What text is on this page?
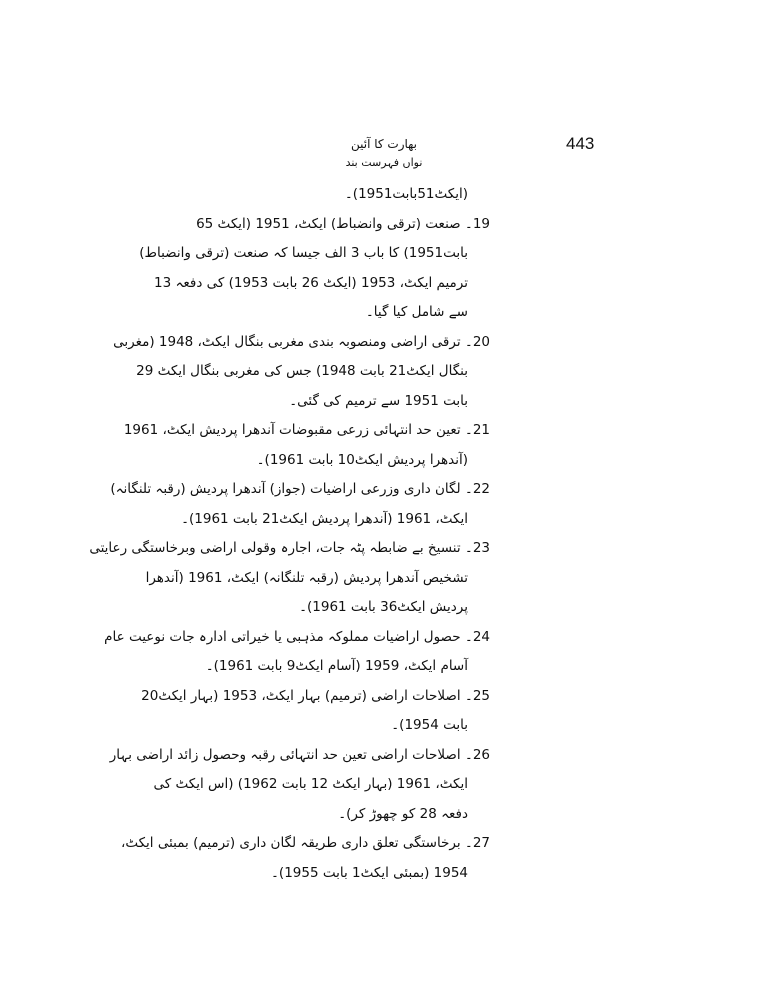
443
بھارت کا آئین
نواں فہرست بند
(ایکٹ51بابت1951)۔
19۔ صنعت (ترقی وانضباط) ایکٹ، 1951 (ایکٹ 65
بابت1951) کا باب 3 الف جیسا کہ صنعت (ترقی وانضباط)
ترمیم ایکٹ، 1953 (ایکٹ 26 بابت 1953) کی دفعہ 13
سے شامل کیا گیا۔
20۔ ترقی اراضی ومنصوبہ بندی مغربی بنگال ایکٹ، 1948 (مغربی
بنگال ایکٹ21 بابت 1948) جس کی مغربی بنگال ایکٹ 29
بابت 1951 سے ترمیم کی گئی۔
21۔ تعین حد انتہائی زرعی مقبوضات آندھرا پردیش ایکٹ، 1961
(آندھرا پردیش ایکٹ10 بابت 1961)۔
22۔ لگان داری وزرعی اراضیات (جواز) آندھرا پردیش (رقبہ تلنگانہ)
ایکٹ، 1961 (آندھرا پردیش ایکٹ21 بابت 1961)۔
23۔ تنسیخ بے ضابطہ پٹہ جات، اجارہ وقولی اراضی وبرخاستگی رعایتی
تشخیص آندھرا پردیش (رقبہ تلنگانہ) ایکٹ، 1961 (آندھرا
پردیش ایکٹ36 بابت 1961)۔
24۔ حصول اراضیات مملوکہ مذہبی یا خیراتی ادارہ جات نوعیت عام
آسام ایکٹ، 1959 (آسام ایکٹ9 بابت 1961)۔
25۔ اصلاحات اراضی (ترمیم) بہار ایکٹ، 1953 (بہار ایکٹ20
بابت 1954)۔
26۔ اصلاحات اراضی تعین حد انتہائی رقبہ وحصول زائد اراضی بہار
ایکٹ، 1961 (بہار ایکٹ 12 بابت 1962) (اس ایکٹ کی
دفعہ 28 کو چھوڑ کر)۔
27۔ برخاستگی تعلق داری طریقہ لگان داری (ترمیم) بمبئی ایکٹ،
1954 (بمبئی ایکٹ1 بابت 1955)۔
